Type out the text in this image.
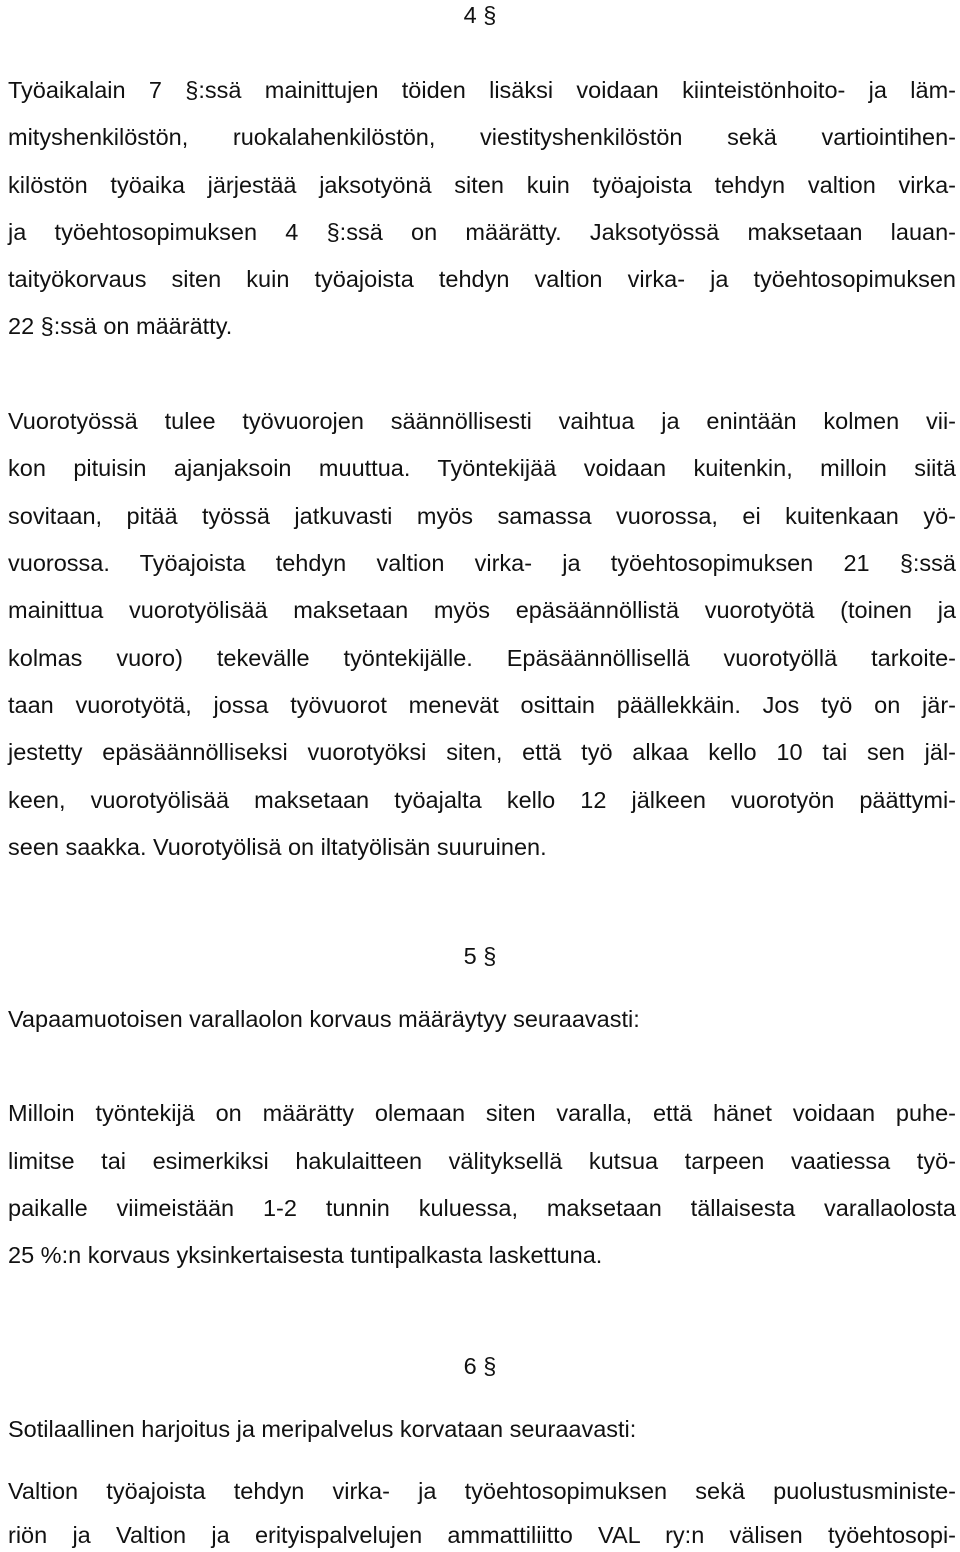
4 §
Työaikalain 7 §:ssä mainittujen töiden lisäksi voidaan kiinteistönhoito- ja läm-
mityshenkilöstön, ruokalahenkilöstön, viestityshenkilöstön sekä vartiointihen-
kilöstön työaika järjestää jaksotyönä siten kuin työajoista tehdyn valtion virka-
ja työehtosopimuksen 4 §:ssä on määrätty. Jaksotyössä maksetaan lauan-
taityökorvaus siten kuin työajoista tehdyn valtion virka- ja työehtosopimuksen
22 §:ssä on määrätty.
Vuorotyössä tulee työvuorojen säännöllisesti vaihtua ja enintään kolmen vii-
kon pituisin ajanjaksoin muuttua. Työntekijää voidaan kuitenkin, milloin siitä
sovitaan, pitää työssä jatkuvasti myös samassa vuorossa, ei kuitenkaan yö-
vuorossa. Työajoista tehdyn valtion virka- ja työehtosopimuksen 21 §:ssä
mainittua vuorotyölisää maksetaan myös epäsäännöllistä vuorotyötä (toinen ja
kolmas vuoro) tekevälle työntekijälle. Epäsäännöllisellä vuorotyöllä tarkoite-
taan vuorotyötä, jossa työvuorot menevät osittain päällekkäin. Jos työ on jär-
jestetty epäsäännölliseksi vuorotyöksi siten, että työ alkaa kello 10 tai sen jäl-
keen, vuorotyölisää maksetaan työajalta kello 12 jälkeen vuorotyön päättymi-
seen saakka. Vuorotyölisä on iltatyölisän suuruinen.
5 §
Vapaamuotoisen varallaolon korvaus määräytyy seuraavasti:
Milloin työntekijä on määrätty olemaan siten varalla, että hänet voidaan puhe-
limitse tai esimerkiksi hakulaitteen välityksellä kutsua tarpeen vaatiessa työ-
paikalle viimeistään 1-2 tunnin kuluessa, maksetaan tällaisesta varallaolosta
25 %:n korvaus yksinkertaisesta tuntipalkasta laskettuna.
6 §
Sotilaallinen harjoitus ja meripalvelus korvataan seuraavasti:
Valtion työajoista tehdyn virka- ja työehtosopimuksen sekä puolustusministe-
riön ja Valtion ja erityispalvelujen ammattiliitto VAL ry:n välisen työehtosopi-
